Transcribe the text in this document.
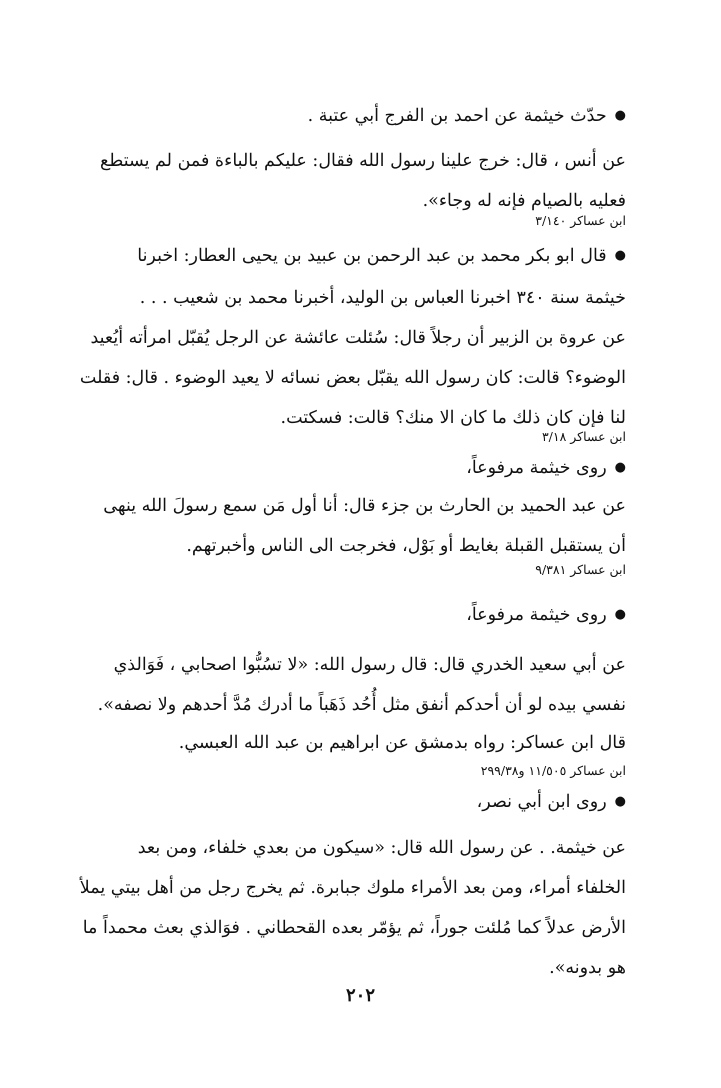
● حدّث خيثمة عن احمد بن الفرج أبي عتبة .
عن أنس ، قال: خرج علينا رسول الله فقال: عليكم بالباءة فمن لم يستطع
فعليه بالصيام فإنه له وجاء».
ابن عساكر ٣/١٤٠
● قال ابو بكر محمد بن عبد الرحمن بن عبيد بن يحيى العطار: اخبرنا
خيثمة سنة ٣٤٠ اخبرنا العباس بن الوليد، أخبرنا محمد بن شعيب . . .
عن عروة بن الزبير أن رجلاً قال: سُئلت عائشة عن الرجل يُقبّل امرأته أيُعيد
الوضوء؟ قالت: كان رسول الله يقبّل بعض نسائه لا يعيد الوضوء . قال: فقلت
لنا فإن كان ذلك ما كان الا منك؟ قالت: فسكتت.
ابن عساكر ٣/١٨
● روى خيثمة مرفوعاً،
عن عبد الحميد بن الحارث بن جزء قال: أنا أول مَن سمع رسولَ الله ينهى
أن يستقبل القبلة بغايط أو بَوْل، فخرجت الى الناس وأخبرتهم.
ابن عساكر ٩/٣٨١
● روى خيثمة مرفوعاً،
عن أبي سعيد الخدري قال: قال رسول الله: «لا تسُبُّوا اصحابي ، فَوَالذي
نفسي بيده لو أن أحدكم أنفق مثل أُحُد ذَهَباً ما أدرك مُدَّ أحدهم ولا نصفه».
قال ابن عساكر: رواه بدمشق عن ابراهيم بن عبد الله العبسي.
ابن عساكر ١١/٥٠٥ و٢٩٩/٣٨
● روى ابن أبي نصر،
عن خيثمة. . عن رسول الله قال: «سيكون من بعدي خلفاء، ومن بعد
الخلفاء أمراء، ومن بعد الأمراء ملوك جبابرة. ثم يخرج رجل من أهل بيتي يملأ
الأرض عدلاً كما مُلئت جوراً، ثم يؤمّر بعده القحطاني . فوَالذي بعث محمداً ما
هو بدونه».
٢٠٢
